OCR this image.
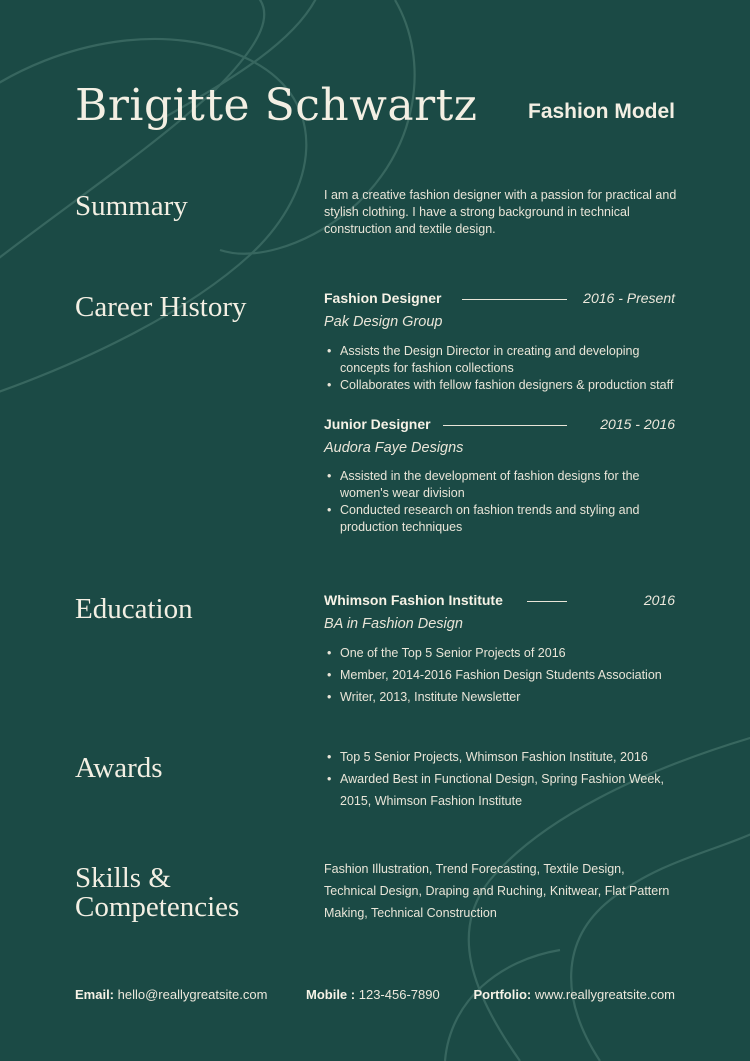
Brigitte Schwartz Fashion Model
Summary	I am a creative fashion designer with a passion for practical and
stylish clothing. I have a strong background in technical
construction and textile design.
Career History	Fashion Designer	2016 - Present
Pak Design Group
• Assists the Design Director in creating and developing
concepts for fashion collections
• Collaborates with fellow fashion designers & production staff
Junior Designer	2015 - 2016
Audora Faye Designs
• Assisted in the development of fashion designs for the
women's wear division
• Conducted research on fashion trends and styling and
production techniques
Education	Whimson Fashion Institute	2016
BA in Fashion Design
• One of the Top 5 Senior Projects of 2016
• Member, 2014-2016 Fashion Design Students Association
• Writer, 2013, Institute Newsletter
Awards
•	Top 5 Senior Projects, Whimson Fashion Institute, 2016
• Awarded Best in Functional Design, Spring Fashion Week,
2015, Whimson Fashion Institute
Skills &
Competencies
Fashion Illustration, Trend Forecasting, Textile Design,
Technical Design, Draping and Ruching, Knitwear, Flat Pattern
Making, Technical Construction
Email: hello@reallygreatsite.com	Mobile : 123-456-7890	Portfolio: www.reallygreatsite.com
